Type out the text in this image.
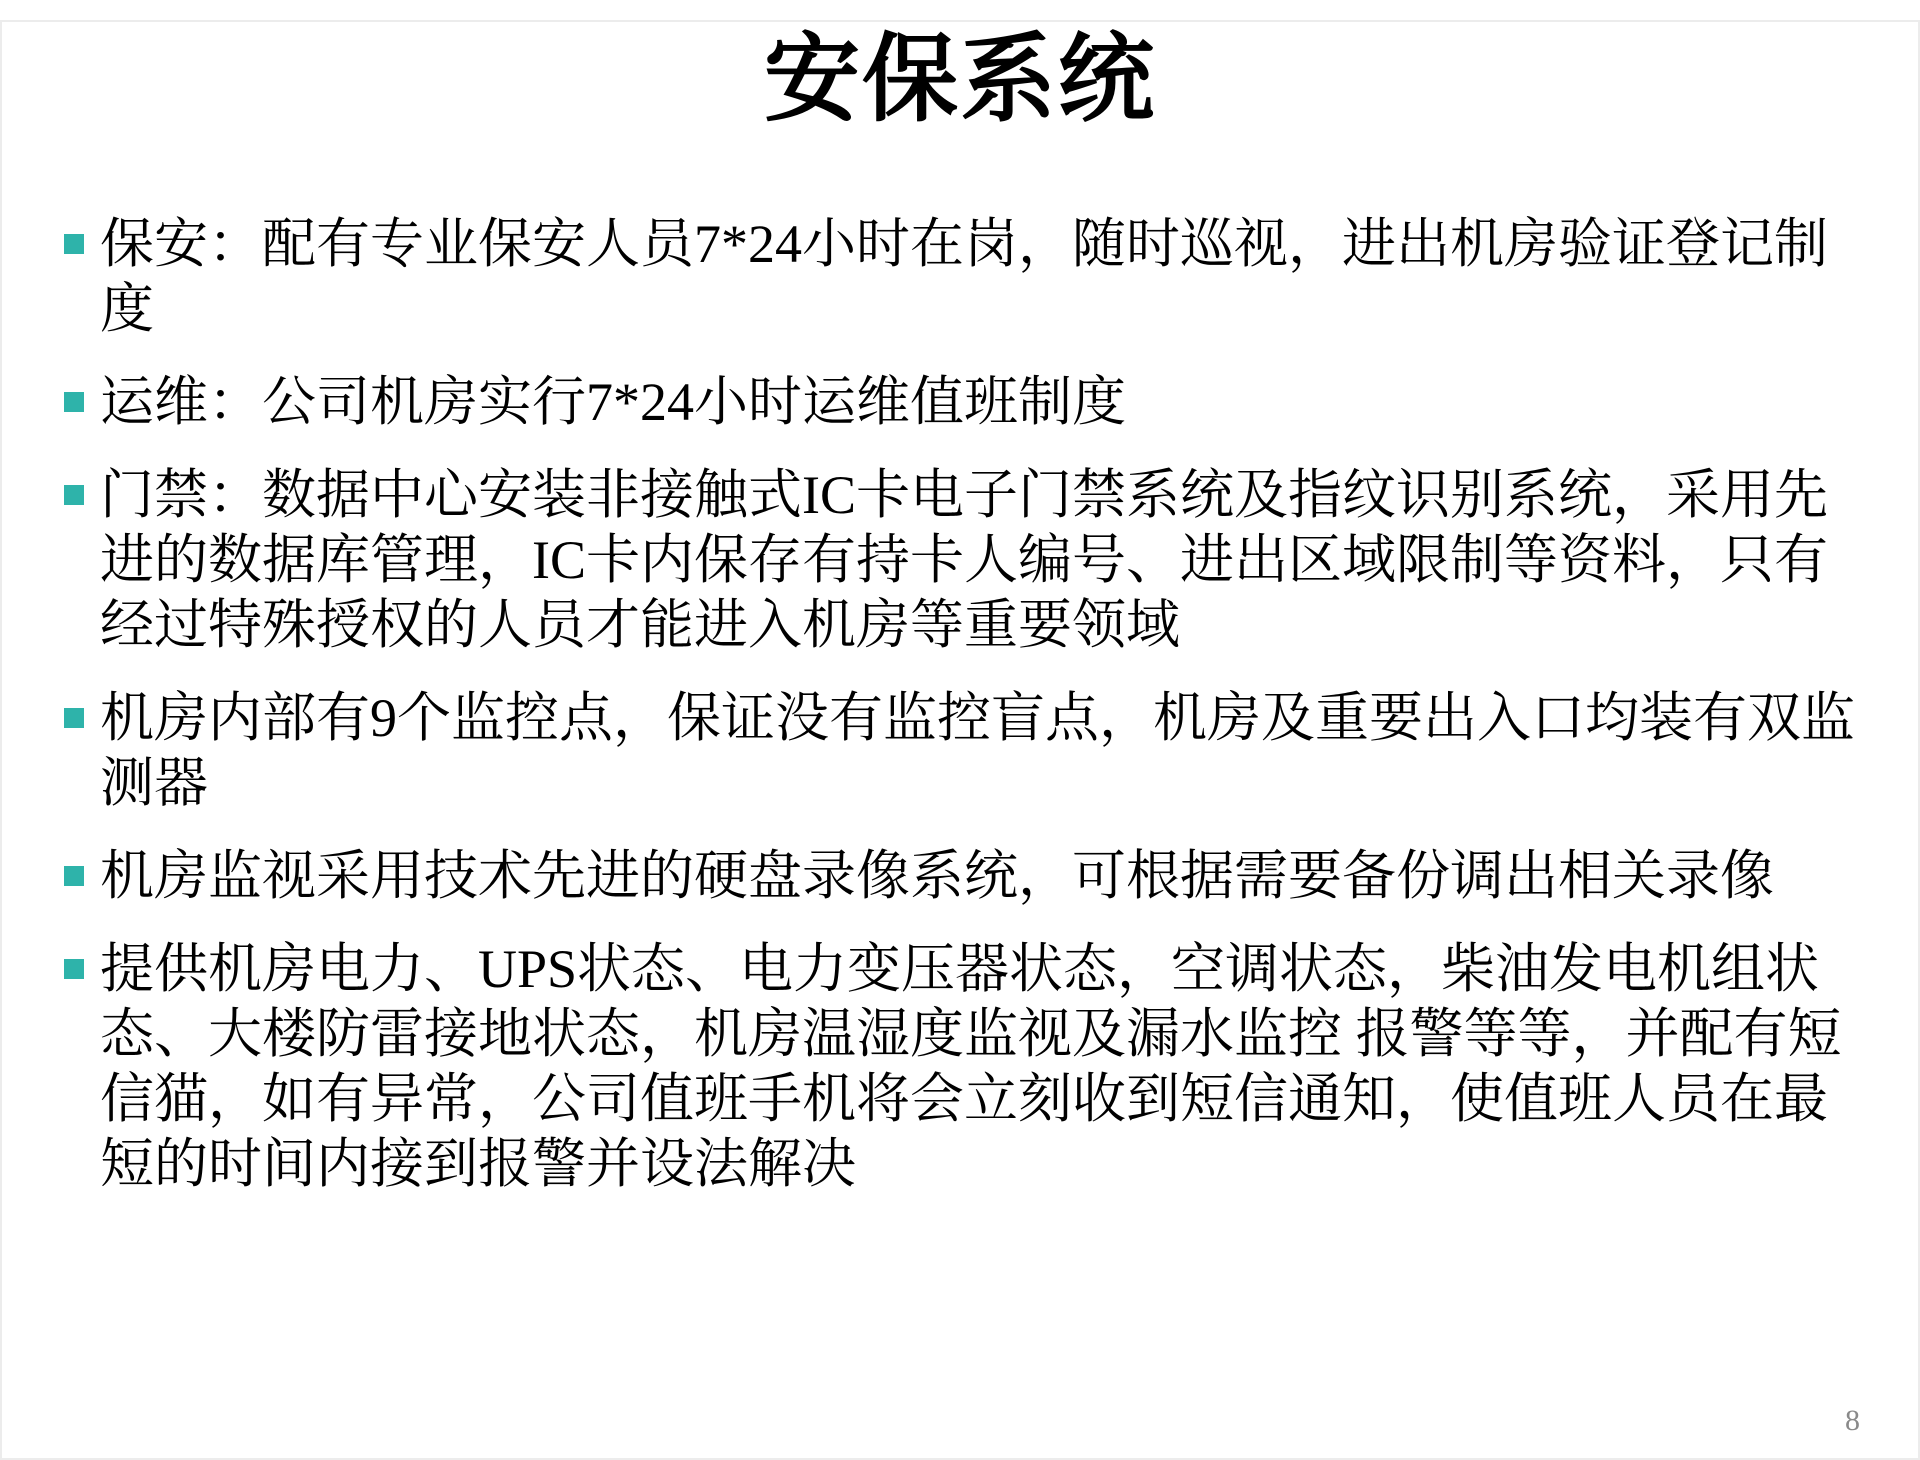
安保系统
保安：配有专业保安人员7*24小时在岗，随时巡视，进出机房验证登记制度
运维：公司机房实行7*24小时运维值班制度
门禁：数据中心安装非接触式IC卡电子门禁系统及指纹识别系统，采用先进的数据库管理，IC卡内保存有持卡人编号、进出区域限制等资料，只有经过特殊授权的人员才能进入机房等重要领域
机房内部有9个监控点，保证没有监控盲点，机房及重要出入口均装有双监测器
机房监视采用技术先进的硬盘录像系统，可根据需要备份调出相关录像
提供机房电力、UPS状态、电力变压器状态，空调状态，柴油发电机组状态、大楼防雷接地状态，机房温湿度监视及漏水监控 报警等等，并配有短信猫，如有异常，公司值班手机将会立刻收到短信通知，使值班人员在最短的时间内接到报警并设法解决
8
